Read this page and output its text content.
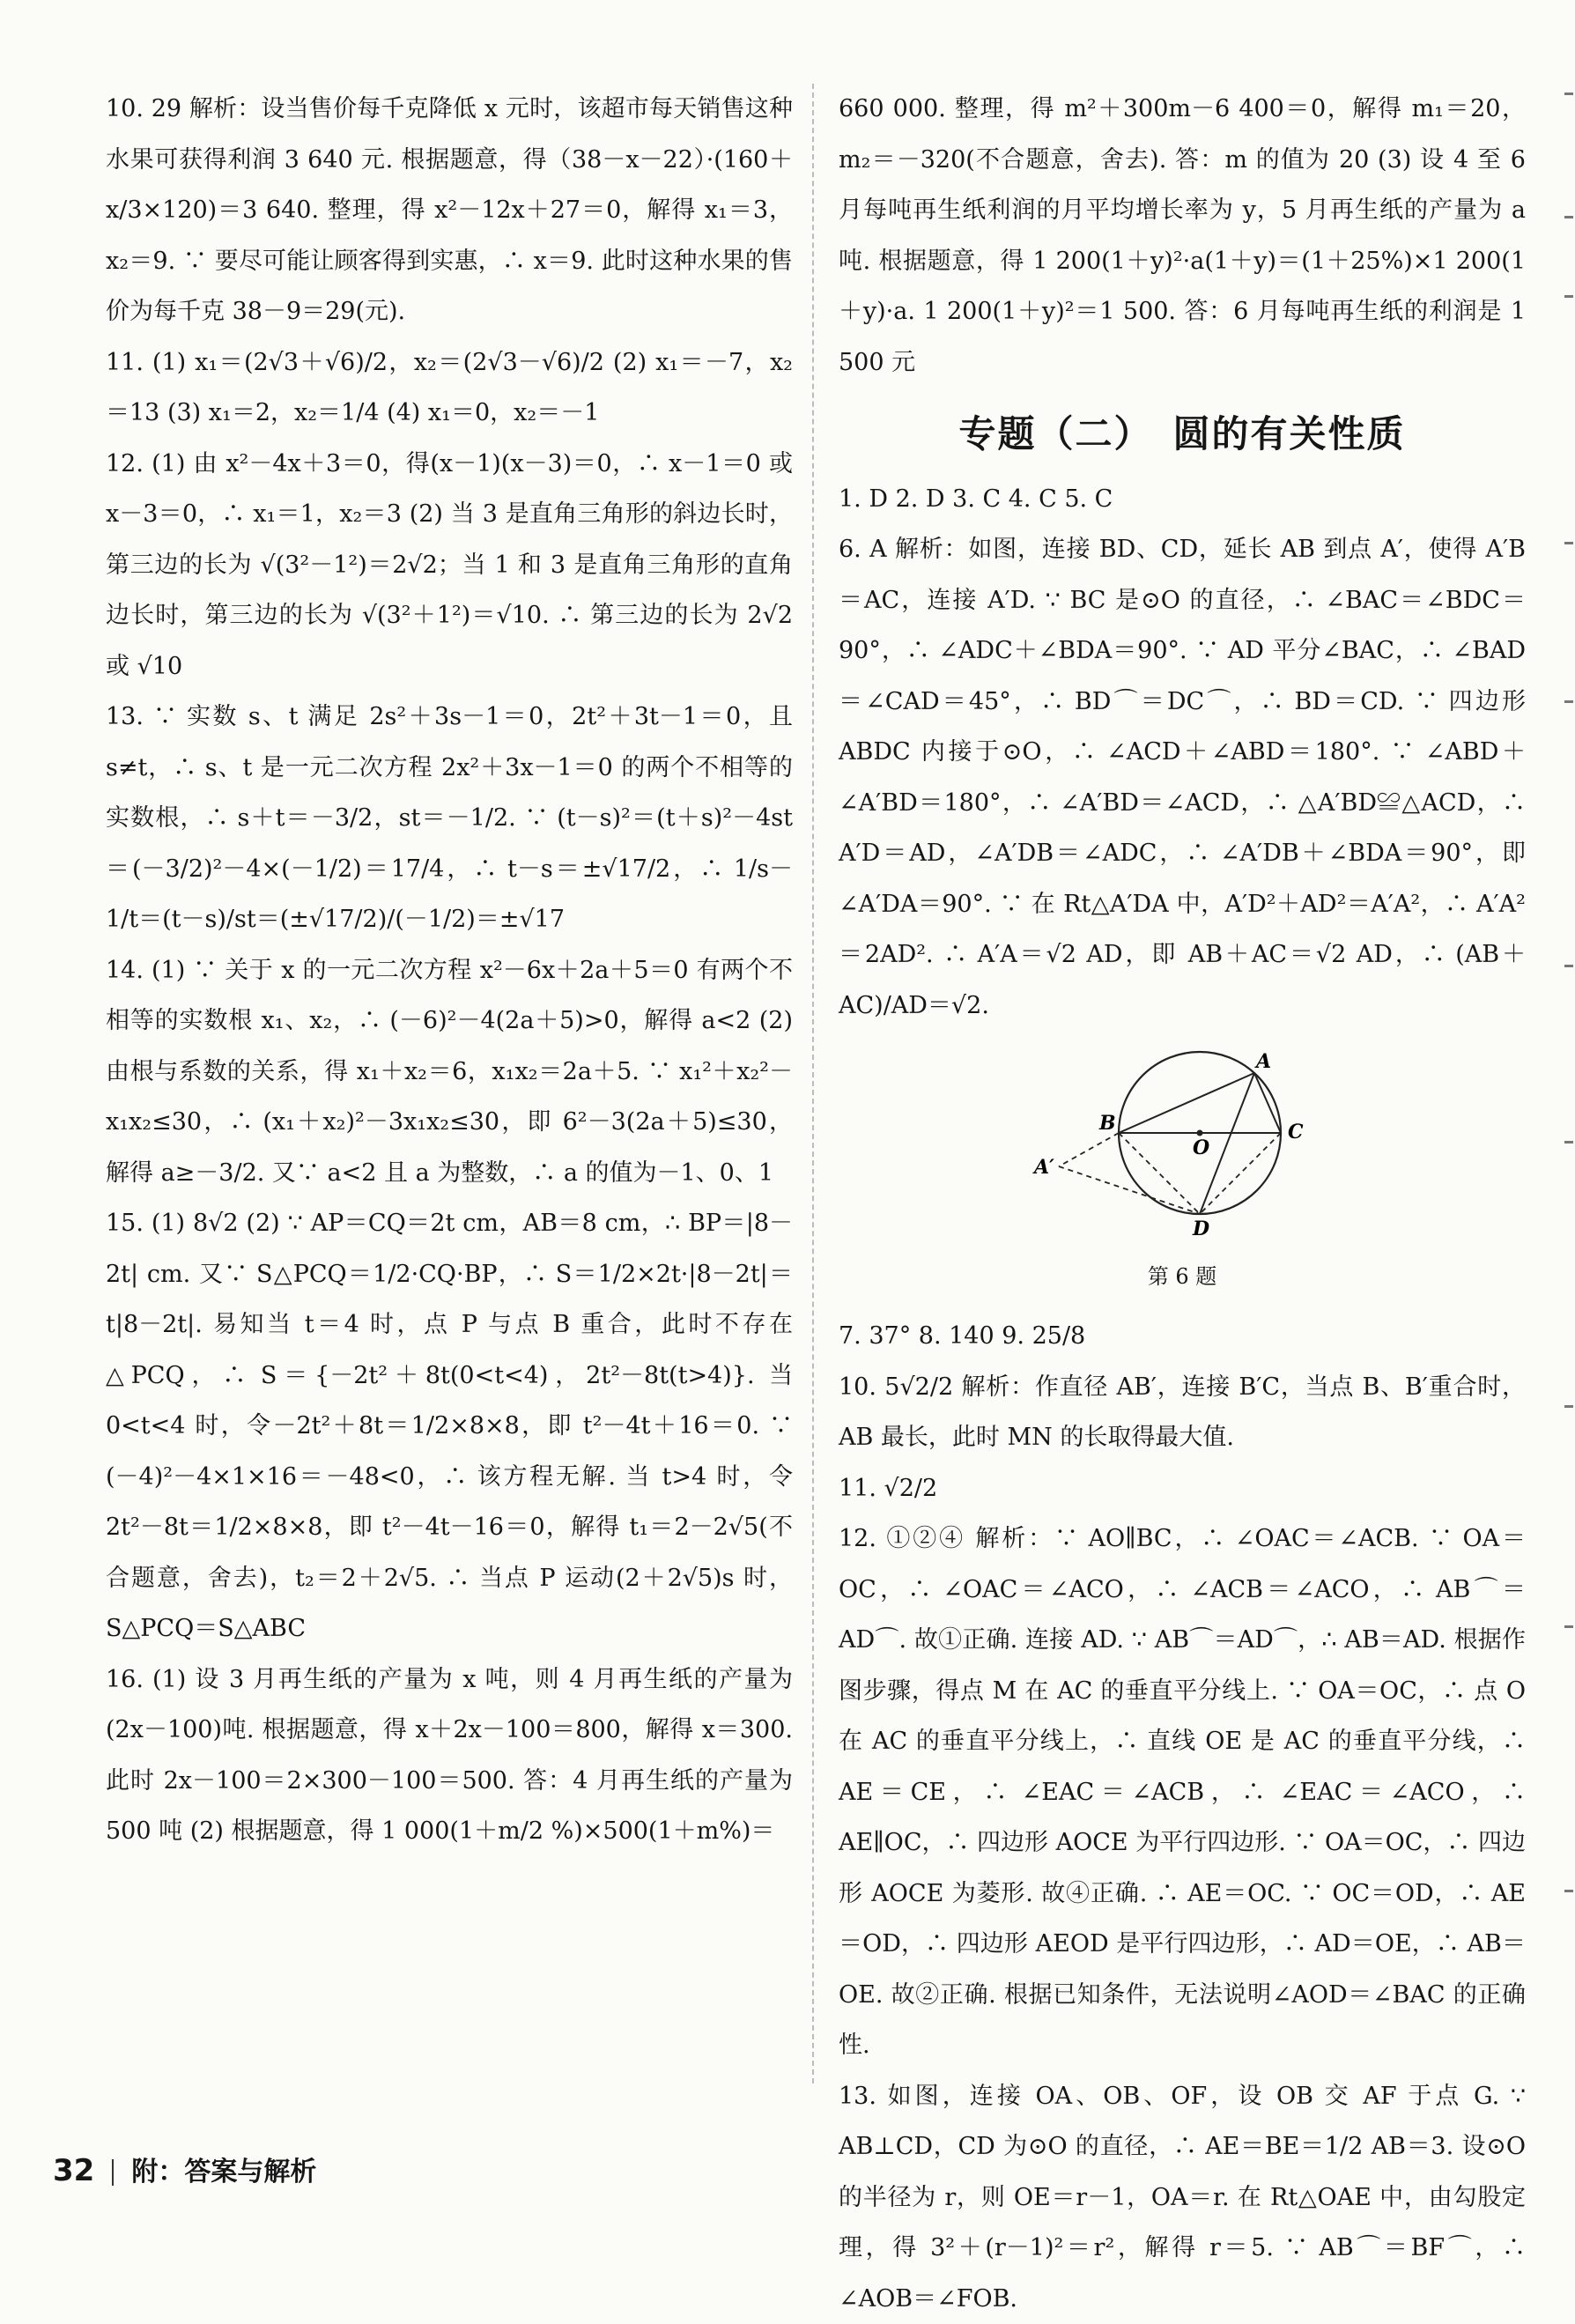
10. 29 解析：设当售价每千克降低 x 元时，该超市每天销售这种水果可获得利润 3 640 元. 根据题意，得（38－x－22）·(160＋x/3×120)＝3 640. 整理，得 x²－12x＋27＝0，解得 x₁＝3，x₂＝9. ∵ 要尽可能让顾客得到实惠，∴ x＝9. 此时这种水果的售价为每千克 38－9＝29(元).

11. (1) x₁＝(2√3＋√6)/2，x₂＝(2√3－√6)/2 (2) x₁＝－7，x₂＝13 (3) x₁＝2，x₂＝1/4 (4) x₁＝0，x₂＝－1

12. (1) 由 x²－4x＋3＝0，得(x－1)(x－3)＝0，∴ x－1＝0 或 x－3＝0，∴ x₁＝1，x₂＝3 (2) 当 3 是直角三角形的斜边长时，第三边的长为 √(3²－1²)＝2√2；当 1 和 3 是直角三角形的直角边长时，第三边的长为 √(3²＋1²)＝√10. ∴ 第三边的长为 2√2 或 √10

13. ∵ 实数 s、t 满足 2s²＋3s－1＝0，2t²＋3t－1＝0，且 s≠t，∴ s、t 是一元二次方程 2x²＋3x－1＝0 的两个不相等的实数根，∴ s＋t＝－3/2，st＝－1/2. ∵ (t－s)²＝(t＋s)²－4st＝(－3/2)²－4×(－1/2)＝17/4，∴ t－s＝±√17/2，∴ 1/s－1/t＝(t－s)/st＝(±√17/2)/(－1/2)＝±√17

14. (1) ∵ 关于 x 的一元二次方程 x²－6x＋2a＋5＝0 有两个不相等的实数根 x₁、x₂，∴ (－6)²－4(2a＋5)>0，解得 a<2 (2) 由根与系数的关系，得 x₁＋x₂＝6，x₁x₂＝2a＋5. ∵ x₁²＋x₂²－x₁x₂≤30，∴ (x₁＋x₂)²－3x₁x₂≤30，即 6²－3(2a＋5)≤30，解得 a≥－3/2. 又∵ a<2 且 a 为整数，∴ a 的值为－1、0、1

15. (1) 8√2 (2) ∵ AP＝CQ＝2t cm，AB＝8 cm，∴ BP＝|8－2t| cm. 又∵ S△PCQ＝1/2·CQ·BP，∴ S＝1/2×2t·|8－2t|＝t|8－2t|. 易知当 t＝4 时，点 P 与点 B 重合，此时不存在△PCQ，∴ S＝{－2t²＋8t(0<t<4)，2t²－8t(t>4)}. 当 0<t<4 时，令－2t²＋8t＝1/2×8×8，即 t²－4t＋16＝0. ∵ (－4)²－4×1×16＝－48<0，∴ 该方程无解. 当 t>4 时，令 2t²－8t＝1/2×8×8，即 t²－4t－16＝0，解得 t₁＝2－2√5(不合题意，舍去)，t₂＝2＋2√5. ∴ 当点 P 运动(2＋2√5)s 时，S△PCQ＝S△ABC

16. (1) 设 3 月再生纸的产量为 x 吨，则 4 月再生纸的产量为(2x－100)吨. 根据题意，得 x＋2x－100＝800，解得 x＝300. 此时 2x－100＝2×300－100＝500. 答：4 月再生纸的产量为 500 吨 (2) 根据题意，得 1 000(1＋m/2 %)×500(1＋m%)＝

660 000. 整理，得 m²＋300m－6 400＝0，解得 m₁＝20，m₂＝－320(不合题意，舍去). 答：m 的值为 20 (3) 设 4 至 6 月每吨再生纸利润的月平均增长率为 y，5 月再生纸的产量为 a 吨. 根据题意，得 1 200(1＋y)²·a(1＋y)＝(1＋25%)×1 200(1＋y)·a. 1 200(1＋y)²＝1 500. 答：6 月每吨再生纸的利润是 1 500 元

专题（二）　圆的有关性质

1. D 2. D 3. C 4. C 5. C

6. A 解析：如图，连接 BD、CD，延长 AB 到点 A′，使得 A′B＝AC，连接 A′D. ∵ BC 是⊙O 的直径，∴ ∠BAC＝∠BDC＝90°，∴ ∠ADC＋∠BDA＝90°. ∵ AD 平分∠BAC，∴ ∠BAD＝∠CAD＝45°，∴ BD⌒＝DC⌒，∴ BD＝CD. ∵ 四边形 ABDC 内接于⊙O，∴ ∠ACD＋∠ABD＝180°. ∵ ∠ABD＋∠A′BD＝180°，∴ ∠A′BD＝∠ACD，∴ △A′BD≌△ACD，∴ A′D＝AD，∠A′DB＝∠ADC，∴ ∠A′DB＋∠BDA＝90°，即∠A′DA＝90°. ∵ 在 Rt△A′DA 中，A′D²＋AD²＝A′A²，∴ A′A²＝2AD². ∴ A′A＝√2 AD，即 AB＋AC＝√2 AD，∴ (AB＋AC)/AD＝√2.

A
B	C
D
O
A′
第 6 题

7. 37° 8. 140 9. 25/8

10. 5√2/2 解析：作直径 AB′，连接 B′C，当点 B、B′重合时，AB 最长，此时 MN 的长取得最大值.

11. √2/2

12. ①②④ 解析：∵ AO∥BC，∴ ∠OAC＝∠ACB. ∵ OA＝OC，∴ ∠OAC＝∠ACO，∴ ∠ACB＝∠ACO，∴ AB⌒＝AD⌒. 故①正确. 连接 AD. ∵ AB⌒＝AD⌒，∴ AB＝AD. 根据作图步骤，得点 M 在 AC 的垂直平分线上. ∵ OA＝OC，∴ 点 O 在 AC 的垂直平分线上，∴ 直线 OE 是 AC 的垂直平分线，∴ AE＝CE，∴ ∠EAC＝∠ACB，∴ ∠EAC＝∠ACO，∴ AE∥OC，∴ 四边形 AOCE 为平行四边形. ∵ OA＝OC，∴ 四边形 AOCE 为菱形. 故④正确. ∴ AE＝OC. ∵ OC＝OD，∴ AE＝OD，∴ 四边形 AEOD 是平行四边形，∴ AD＝OE，∴ AB＝OE. 故②正确. 根据已知条件，无法说明∠AOD＝∠BAC 的正确性.

13. 如图，连接 OA、OB、OF，设 OB 交 AF 于点 G. ∵ AB⊥CD，CD 为⊙O 的直径，∴ AE＝BE＝1/2 AB＝3. 设⊙O 的半径为 r，则 OE＝r－1，OA＝r. 在 Rt△OAE 中，由勾股定理，得 3²＋(r－1)²＝r²，解得 r＝5. ∵ AB⌒＝BF⌒，∴ ∠AOB＝∠FOB.

32 附：答案与解析
